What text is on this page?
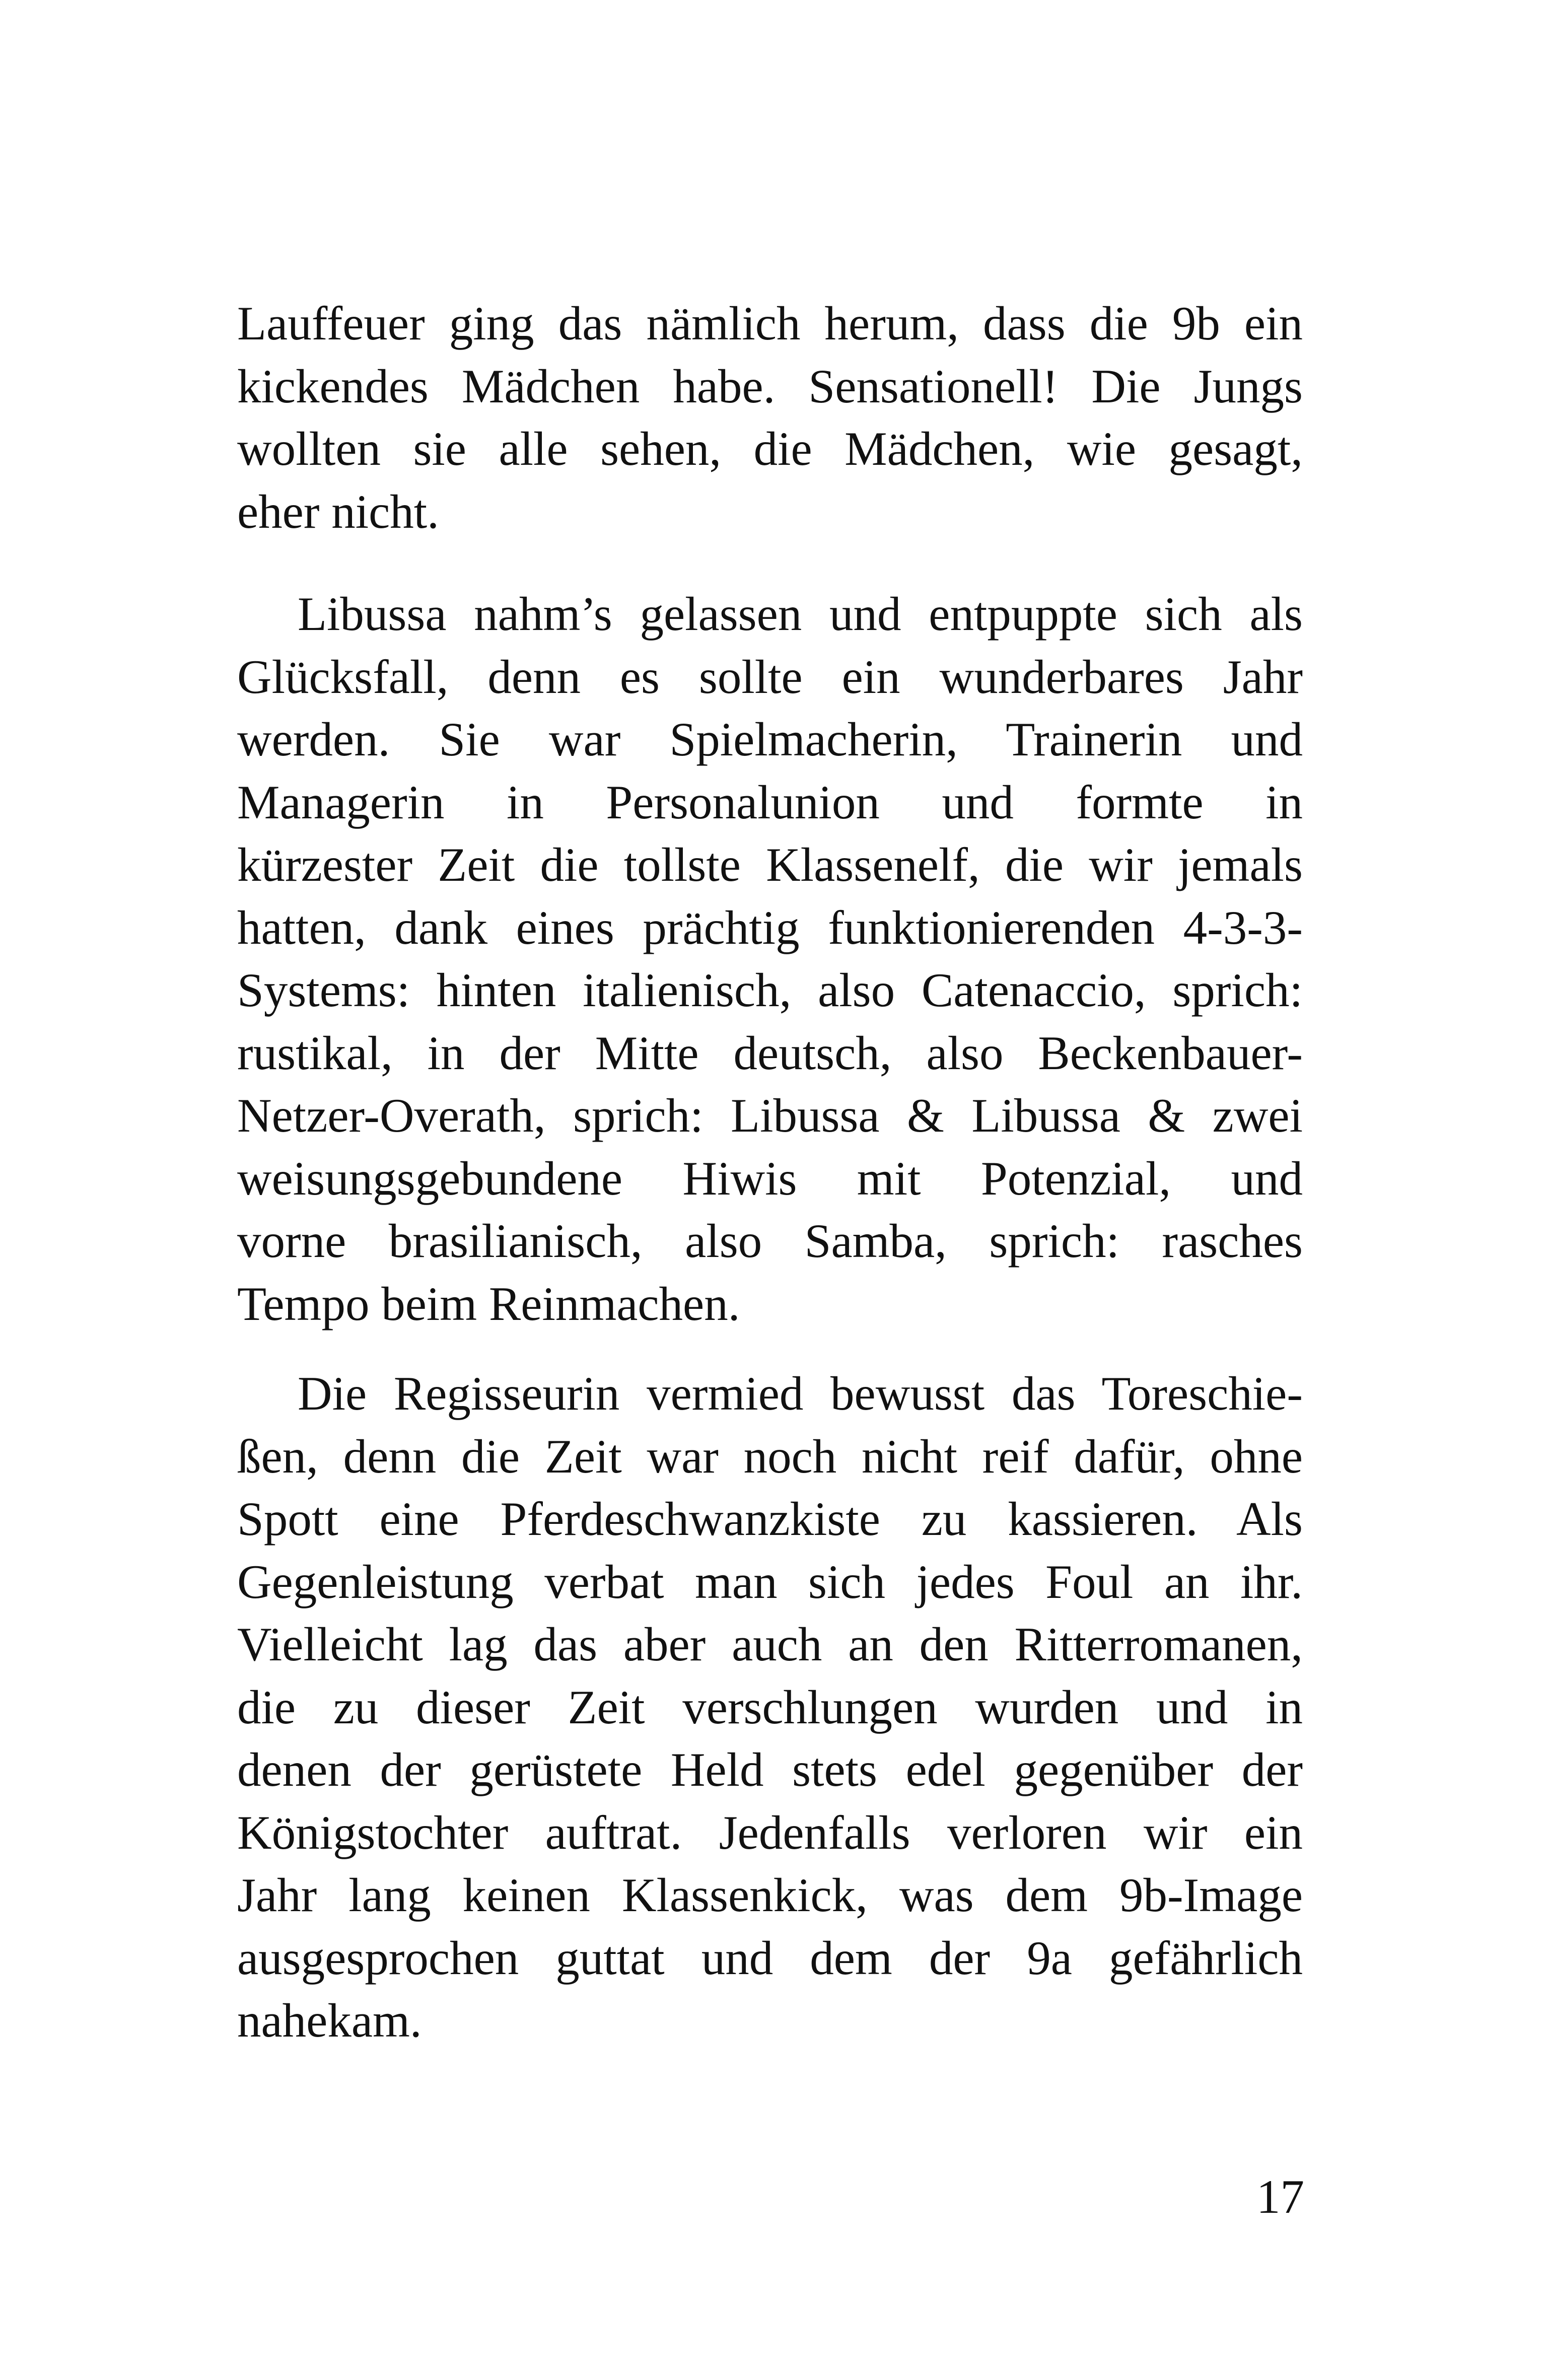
Lauffeuer ging das nämlich herum, dass die 9b ein
kickendes Mädchen habe. Sensationell! Die Jungs
wollten sie alle sehen, die Mädchen, wie gesagt,
eher nicht.
Libussa nahm’s gelassen und entpuppte sich als
Glücksfall, denn es sollte ein wunderbares Jahr
werden. Sie war Spielmacherin, Trainerin und
Managerin in Personalunion und formte in
kürzester Zeit die tollste Klassenelf, die wir jemals
hatten, dank eines prächtig funktionierenden 4-3-3-
Systems: hinten italienisch, also Catenaccio, sprich:
rustikal, in der Mitte deutsch, also Beckenbauer-
Netzer-Overath, sprich: Libussa & Libussa & zwei
weisungsgebundene Hiwis mit Potenzial, und
vorne brasilianisch, also Samba, sprich: rasches
Tempo beim Reinmachen.
Die Regisseurin vermied bewusst das Toreschie-
ßen, denn die Zeit war noch nicht reif dafür, ohne
Spott eine Pferdeschwanzkiste zu kassieren. Als
Gegenleistung verbat man sich jedes Foul an ihr.
Vielleicht lag das aber auch an den Ritterromanen,
die zu dieser Zeit verschlungen wurden und in
denen der gerüstete Held stets edel gegenüber der
Königstochter auftrat. Jedenfalls verloren wir ein
Jahr lang keinen Klassenkick, was dem 9b-Image
ausgesprochen guttat und dem der 9a gefährlich
nahekam.
17
